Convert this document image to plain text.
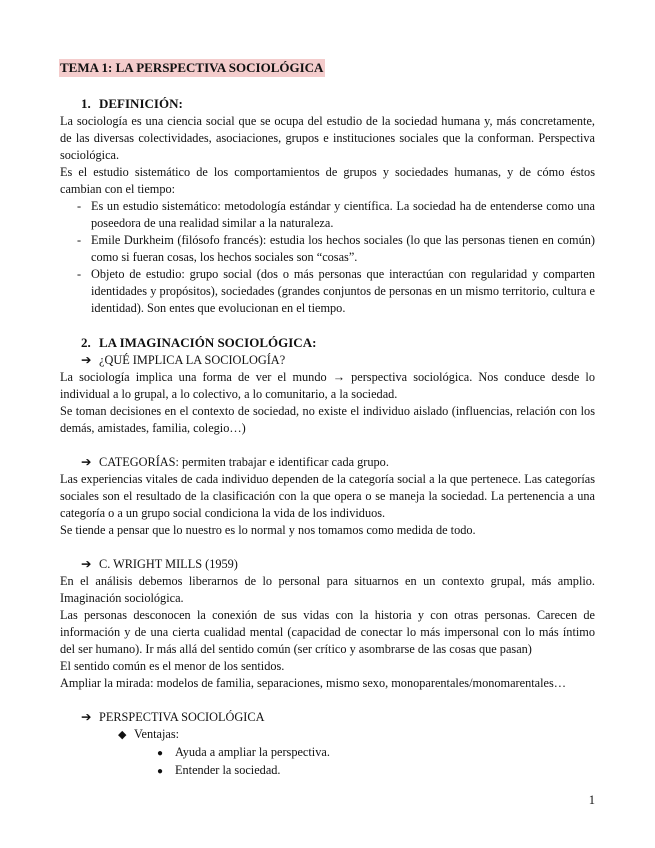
TEMA 1: LA PERSPECTIVA SOCIOLÓGICA
1. DEFINICIÓN:

La sociología es una ciencia social que se ocupa del estudio de la sociedad humana y, más concretamente, de las diversas colectividades, asociaciones, grupos e instituciones sociales que la conforman. Perspectiva sociológica.

Es el estudio sistemático de los comportamientos de grupos y sociedades humanas, y de cómo éstos cambian con el tiempo:

- Es un estudio sistemático: metodología estándar y científica. La sociedad ha de entenderse como una poseedora de una realidad similar a la naturaleza.
- Emile Durkheim (filósofo francés): estudia los hechos sociales (lo que las personas tienen en común) como si fueran cosas, los hechos sociales son “cosas”.
- Objeto de estudio: grupo social (dos o más personas que interactúan con regularidad y comparten identidades y propósitos), sociedades (grandes conjuntos de personas en un mismo territorio, cultura e identidad). Son entes que evolucionan en el tiempo.
2. LA IMAGINACIÓN SOCIOLÓGICA:
➔ ¿QUÉ IMPLICA LA SOCIOLOGÍA?

La sociología implica una forma de ver el mundo → perspectiva sociológica. Nos conduce desde lo individual a lo grupal, a lo colectivo, a lo comunitario, a la sociedad.

Se toman decisiones en el contexto de sociedad, no existe el individuo aislado (influencias, relación con los demás, amistades, familia, colegio…)

➔ CATEGORÍAS: permiten trabajar e identificar cada grupo.

Las experiencias vitales de cada individuo dependen de la categoría social a la que pertenece. Las categorías sociales son el resultado de la clasificación con la que opera o se maneja la sociedad. La pertenencia a una categoría o a un grupo social condiciona la vida de los individuos.

Se tiende a pensar que lo nuestro es lo normal y nos tomamos como medida de todo.

➔ C. WRIGHT MILLS (1959)

En el análisis debemos liberarnos de lo personal para situarnos en un contexto grupal, más amplio. Imaginación sociológica.

Las personas desconocen la conexión de sus vidas con la historia y con otras personas. Carecen de información y de una cierta cualidad mental (capacidad de conectar lo más impersonal con lo más íntimo del ser humano). Ir más allá del sentido común (ser crítico y asombrarse de las cosas que pasan)

El sentido común es el menor de los sentidos.

Ampliar la mirada: modelos de familia, separaciones, mismo sexo, monoparentales/monomarentales…

➔ PERSPECTIVA SOCIOLÓGICA
◆ Ventajas:
● Ayuda a ampliar la perspectiva.
● Entender la sociedad.
1
